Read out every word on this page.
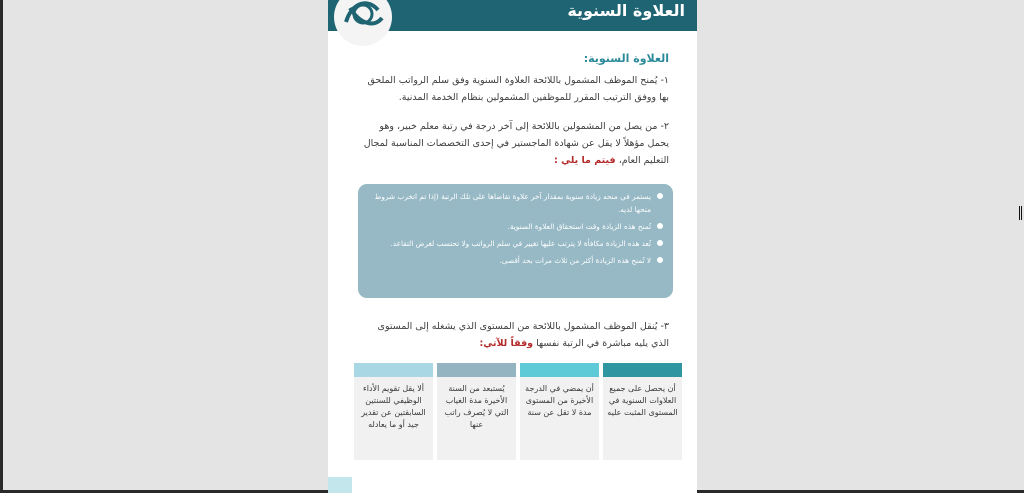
العلاوة السنوية
العلاوة السنوية:
١- يُمنح الموظف المشمول باللائحة العلاوة السنوية وفق سلم الرواتب الملحق بها ووفق الترتيب المقرر للموظفين المشمولين بنظام الخدمة المدنية.
٢- من يصل من المشمولين باللائحة إلى آخر درجة في رتبة معلم خبير، وهو يحمل مؤهلاً لا يقل عن شهادة الماجستير في إحدى التخصصات المناسبة لمجال التعليم العام، فيتم ما يلي :
يستمر في منحه زيادة سنوية بمقدار آخر علاوة تقاضاها على تلك الرتبة (إذا تم اتخرب شروط منحها لديه.
تُمنح هذه الزيادة وقت استحقاق العلاوة السنوية.
تُعد هذه الزيادة مكافأة لا يترتب عليها تغيير في سلم الرواتب ولا تحتسب لغرض التقاعد.
لا تُمنح هذه الزيادة أكثر من ثلاث مرات بحد أقصى.
٣- يُنقل الموظف المشمول باللائحة من المستوى الذي يشغله إلى المستوى الذي يليه مباشرة في الرتبة نفسها وفقاً للآتي:
أن يحصل على جميع العلاوات السنوية في المستوى المثبت عليه
أن يمضي في الدرجة الأخيرة من المستوى مدة لا تقل عن سنة
يُستبعد من السنة الأخيرة مدة الغياب التي لا يُصرف راتب عنها
ألا يقل تقويم الأداء الوظيفي للسنتين السابقتين عن تقدير جيد أو ما يعادله
